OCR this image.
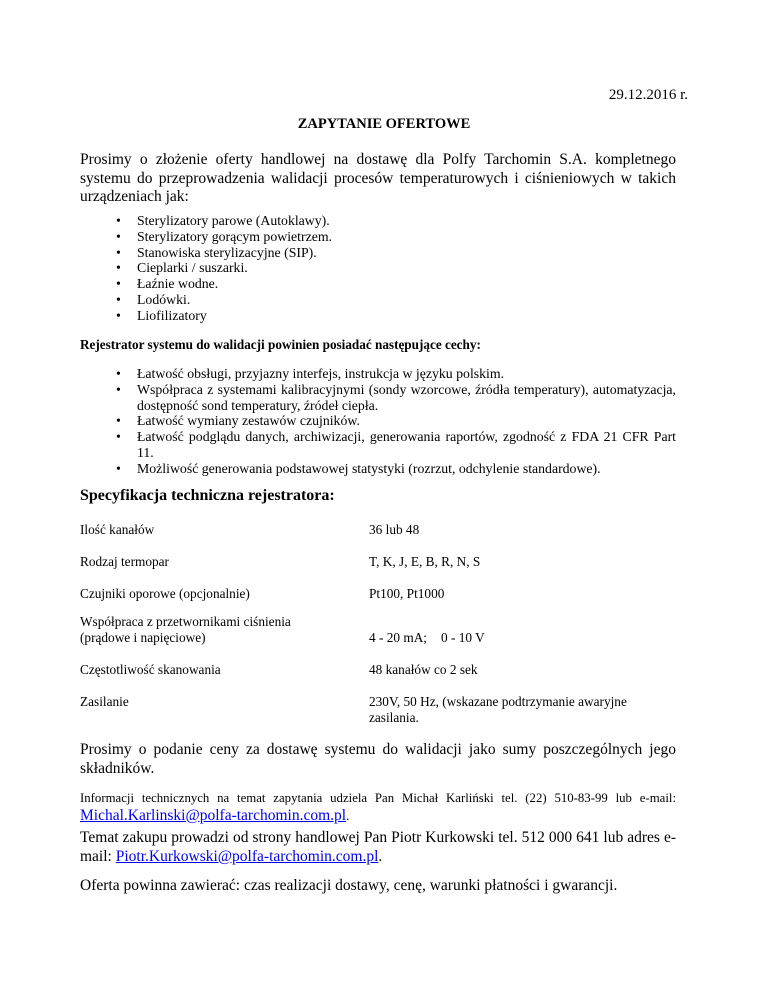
29.12.2016 r.
ZAPYTANIE OFERTOWE
Prosimy o złożenie oferty handlowej na dostawę dla Polfy Tarchomin S.A. kompletnego systemu do przeprowadzenia walidacji procesów temperaturowych i ciśnieniowych w takich urządzeniach jak:
• Sterylizatory parowe (Autoklawy).
• Sterylizatory gorącym powietrzem.
• Stanowiska sterylizacyjne (SIP).
• Cieplarki / suszarki.
• Łaźnie wodne.
• Lodówki.
• Liofilizatory
Rejestrator systemu do walidacji powinien posiadać następujące cechy:
• Łatwość obsługi, przyjazny interfejs, instrukcja w języku polskim.
• Współpraca z systemami kalibracyjnymi (sondy wzorcowe, źródła temperatury), automatyzacja, dostępność sond temperatury, źródeł ciepła.
• Łatwość wymiany zestawów czujników.
• Łatwość podglądu danych, archiwizacji, generowania raportów, zgodność z FDA 21 CFR Part 11.
• Możliwość generowania podstawowej statystyki (rozrzut, odchylenie standardowe).
Specyfikacja techniczna rejestratora:
Ilość kanałów	36 lub 48
Rodzaj termopar	T, K, J, E, B, R, N, S
Czujniki oporowe (opcjonalnie)	Pt100, Pt1000
Współpraca z przetwornikami ciśnienia (prądowe i napięciowe)	4 - 20 mA; 0 - 10 V
Częstotliwość skanowania	48 kanałów co 2 sek
Zasilanie	230V, 50 Hz, (wskazane podtrzymanie awaryjne zasilania.
Prosimy o podanie ceny za dostawę systemu do walidacji jako sumy poszczególnych jego składników.
Informacji technicznych na temat zapytania udziela Pan Michał Karliński tel. (22) 510-83-99 lub e-mail: Michal.Karlinski@polfa-tarchomin.com.pl.
Temat zakupu prowadzi od strony handlowej Pan Piotr Kurkowski tel. 512 000 641 lub adres e-mail: Piotr.Kurkowski@polfa-tarchomin.com.pl.
Oferta powinna zawierać: czas realizacji dostawy, cenę, warunki płatności i gwarancji.
